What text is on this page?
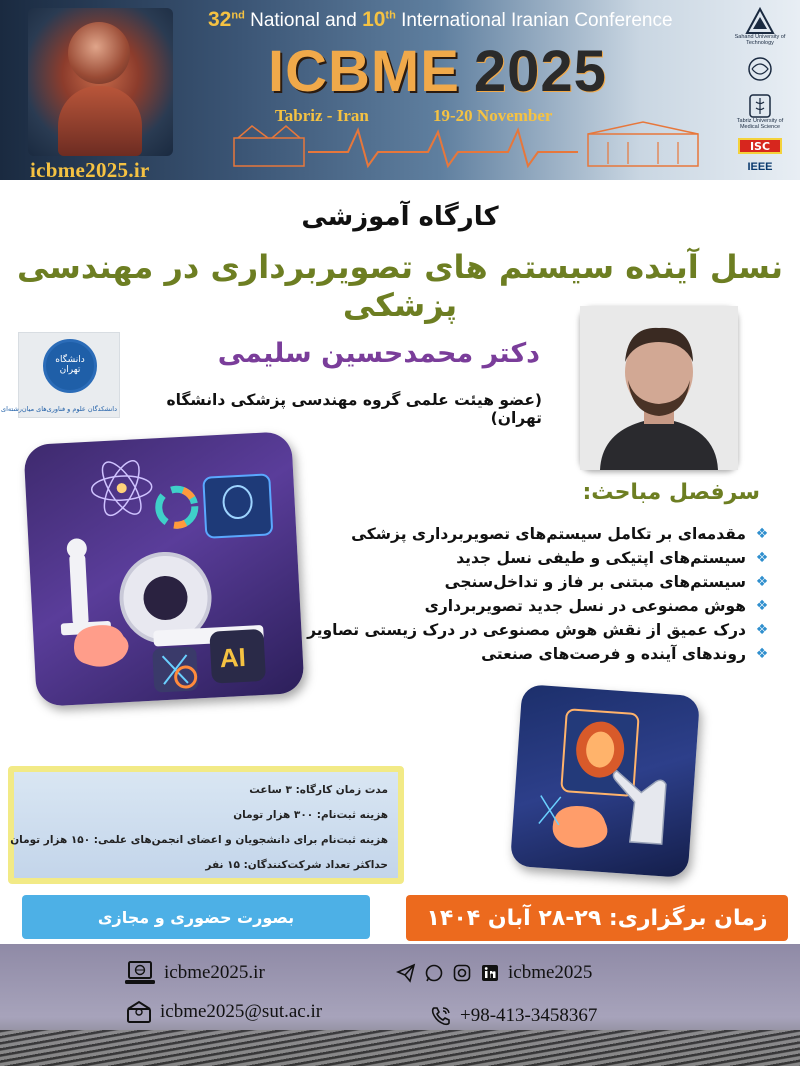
icbme2025.ir
32nd National and 10th International Iranian Conference
ICBME 2025
Tabriz - Iran	19-20 November
Sahand University of Technology
Tabriz University of Medical Science
ISC
IEEE
کارگاه آموزشی
نسل آینده سیستم های تصویربرداری در مهندسی پزشکی
دانشگاه تهران
دانشکدگان علوم و فناوری‌های میان‌رشته‌ای
دکتر محمدحسین سلیمی
(عضو هیئت علمی گروه مهندسی پزشکی دانشگاه تهران)
AI
سرفصل مباحث:
❖
مقدمه‌ای بر تکامل سیستم‌های تصویربرداری پزشکی
❖
سیستم‌های اپتیکی و طیفی نسل جدید
❖
سیستم‌های مبتنی بر فاز و تداخل‌سنجی
❖
هوش مصنوعی در نسل جدید تصویربرداری
❖
درک عمیق از نقش هوش مصنوعی در درک زیستی تصاویر
❖
روندهای آینده و فرصت‌های صنعتی

مدت زمان کارگاه: ۳ ساعت

هزینه ثبت‌نام: ۳۰۰ هزار تومان

هزینه ثبت‌نام برای دانشجویان و اعضای انجمن‌های علمی: ۱۵۰ هزار تومان

حداکثر تعداد شرکت‌کنندگان: ۱۵ نفر

بصورت حضوری و مجازی	زمان برگزاری: ۲۹-۲۸ آبان ۱۴۰۴
icbme2025.ir	icbme2025
icbme2025@sut.ac.ir	+98-413-3458367
